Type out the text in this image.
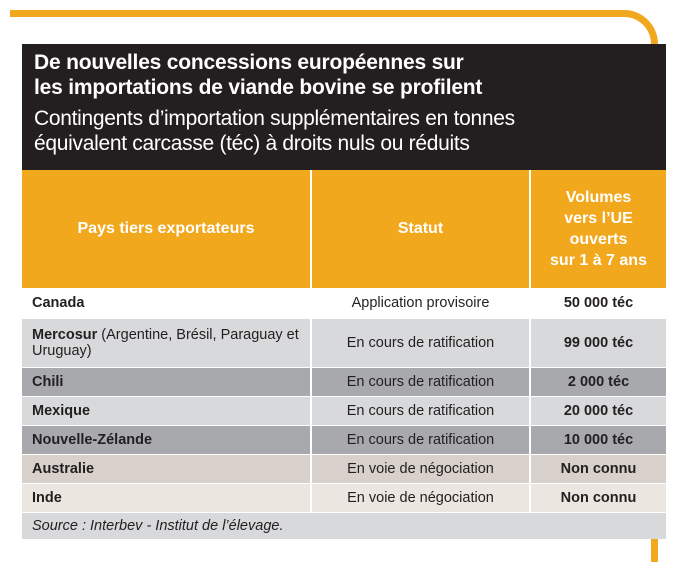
De nouvelles concessions européennes sur
les importations de viande bovine se profilent
Contingents d’importation supplémentaires en tonnes
équivalent carcasse (téc) à droits nuls ou réduits
Pays tiers exportateurs	Statut	Volumes
vers l’UE
ouverts
sur 1 à 7 ans

Canada	Application provisoire	50 000 téc
Mercosur (Argentine, Brésil, Paraguay et Uruguay)	En cours de ratification	99 000 téc
Chili	En cours de ratification	2 000 téc
Mexique	En cours de ratification	20 000 téc
Nouvelle-Zélande	En cours de ratification	10 000 téc
Australie	En voie de négociation	Non connu
Inde	En voie de négociation	Non connu
Source : Interbev - Institut de l’élevage.
